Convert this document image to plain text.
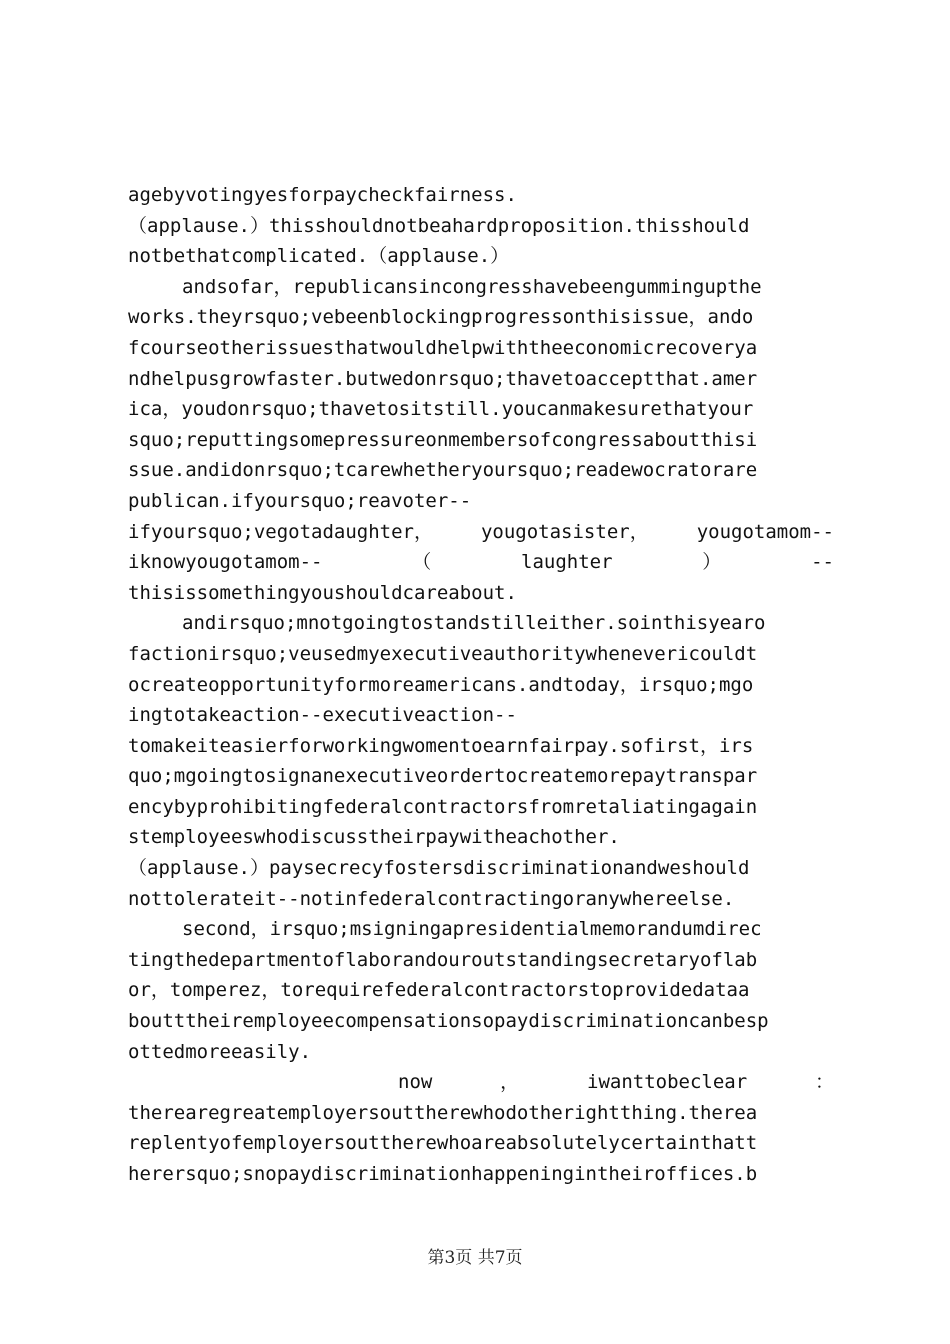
agebyvotingyesforpaycheckfairness.
（applause.）thisshouldnotbeahardproposition.thisshould
notbethatcomplicated.（applause.）
andsofar，republicansincongresshavebeengummingupthe
works.theyrsquo;vebeenblockingprogressonthisissue，ando
fcourseotherissuesthatwouldhelpwiththeeconomicrecoverya
ndhelpusgrowfaster.butwedonrsquo;thavetoacceptthat.amer
ica，youdonrsquo;thavetositstill.youcanmakesurethatyour
squo;reputtingsomepressureonmembersofcongressaboutthisi
ssue.andidonrsquo;tcarewhetheryoursquo;readewocratorare
publican.ifyoursquo;reavoter--
ifyoursquo;vegotadaughter，	yougotasister，	yougotamom--
iknowyougotamom--	（	laughter	）	--
thisissomethingyoushouldcareabout.
andirsquo;mnotgoingtostandstilleither.sointhisyearo
factionirsquo;veusedmyexecutiveauthoritywhenevericouldt
ocreateopportunityformoreamericans.andtoday，irsquo;mgo
ingtotakeaction--executiveaction--
tomakeiteasierforworkingwomentoearnfairpay.sofirst，irs
quo;mgoingtosignanexecutiveordertocreatemorepaytranspar
encybyprohibitingfederalcontractorsfromretaliatingagain
stemployeeswhodiscusstheirpaywitheachother.
（applause.）paysecrecyfostersdiscriminationandweshould
nottolerateit--notinfederalcontractingoranywhereelse.
second，irsquo;msigningapresidentialmemorandumdirec
tingthedepartmentoflaborandouroutstandingsecretaryoflab
or，tomperez，torequirefederalcontractorstoprovidedataa
boutttheiremployeecompensationsopaydiscriminationcanbesp
ottedmoreeasily.
now	，	iwanttobeclear	：
therearegreatemployersouttherewhodotherightthing.therea
replentyofemployersouttherewhoareabsolutelycertainthatt
herersquo;snopaydiscriminationhappeningintheiroffices.b
第3页 共7页
